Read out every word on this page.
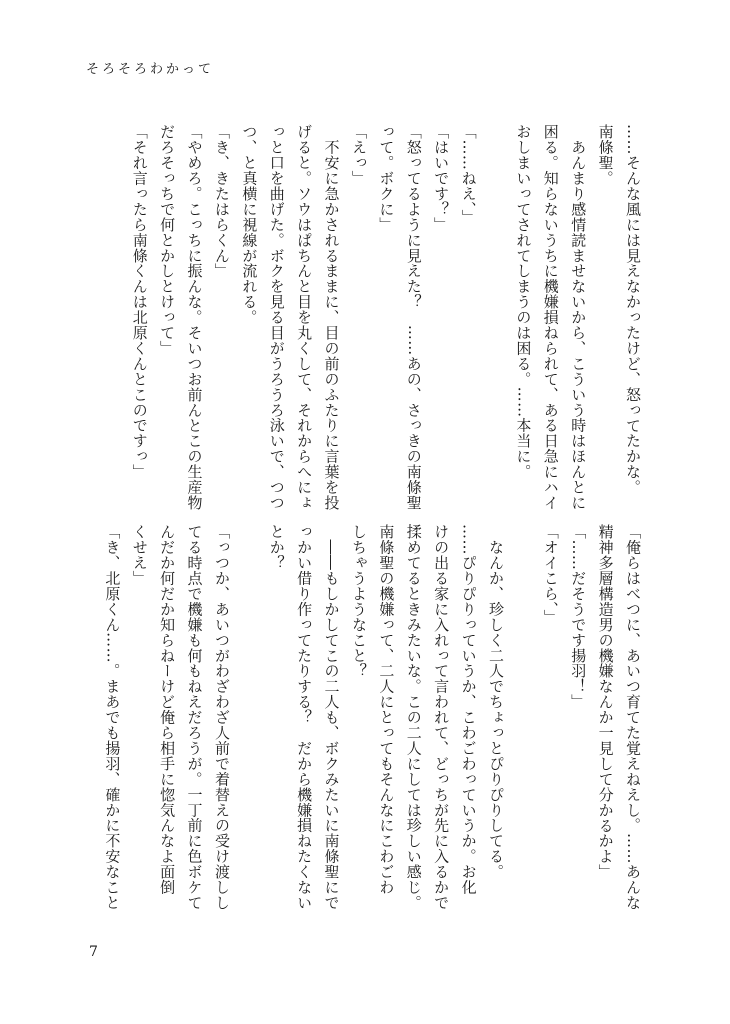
そろそろわかって

……そんな風には見えなかったけど、怒ってたかな。

南條聖。

　あんまり感情読ませないから、こういう時はほんとに

困る。知らないうちに機嫌損ねられて、ある日急にハイ

おしまいってされてしまうのは困る。……本当に。

「……ねえ、」

「はいです？」

「怒ってるように見えた？　……あの、さっきの南條聖

って。ボクに」

「えっ」

　不安に急かされるままに、目の前のふたりに言葉を投

げると。ソウはぱちんと目を丸くして、それからへにょ

っと口を曲げた。ボクを見る目がうろうろ泳いで、つつ

つ、と真横に視線が流れる。

「き、きたはらくん」

「やめろ。こっちに振んな。そいつお前んとこの生産物

だろそっちで何とかしとけって」

「それ言ったら南條くんは北原くんとこのですっ」

「俺らはべつに、あいつ育てた覚えねえし。……あんな

精神多層構造男の機嫌なんか一見して分かるかよ」

「……だそうです揚羽！」

「オイこら、」

　なんか、珍しく二人でちょっとぴりぴりしてる。

……ぴりぴりっていうか、こわごわっていうか。お化

けの出る家に入れって言われて、どっちが先に入るかで

揉めてるときみたいな。この二人にしては珍しい感じ。

南條聖の機嫌って、二人にとってもそんなにこわごわ

しちゃうようなこと？

　――もしかしてこの二人も、ボクみたいに南條聖にで

っかい借り作ってたりする？　だから機嫌損ねたくない

とか？

「っつか、あいつがわざわざ人前で着替えの受け渡しし

てる時点で機嫌も何もねえだろうが。一丁前に色ボケて

んだか何だか知らねーけど俺ら相手に惚気んなよ面倒

くせえ」

「き、北原くん……。まあでも揚羽、確かに不安なこと

7
